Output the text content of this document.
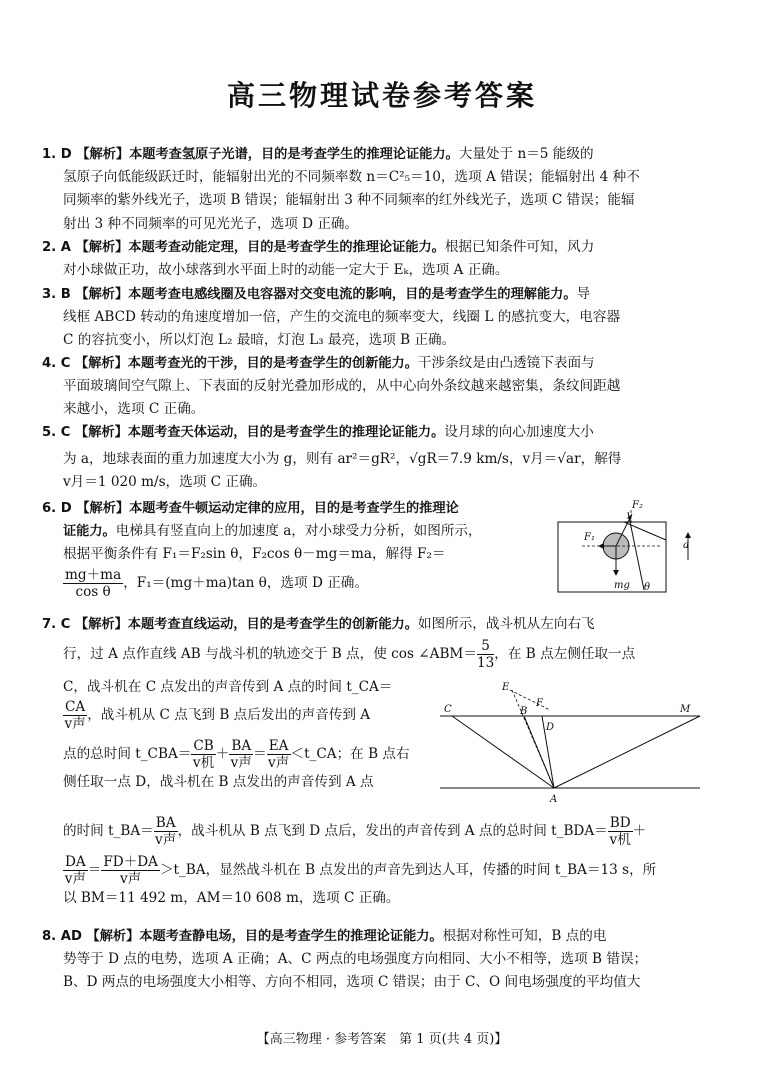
高三物理试卷参考答案
1. D 【解析】本题考查氢原子光谱，目的是考查学生的推理论证能力。大量处于 n＝5 能级的
氢原子向低能级跃迁时，能辐射出光的不同频率数 n＝C²₅＝10，选项 A 错误；能辐射出 4 种不
同频率的紫外线光子，选项 B 错误；能辐射出 3 种不同频率的红外线光子，选项 C 错误；能辐
射出 3 种不同频率的可见光光子，选项 D 正确。
2. A 【解析】本题考查动能定理，目的是考查学生的推理论证能力。根据已知条件可知，风力
对小球做正功，故小球落到水平面上时的动能一定大于 Eₖ，选项 A 正确。
3. B 【解析】本题考查电感线圈及电容器对交变电流的影响，目的是考查学生的理解能力。导
线框 ABCD 转动的角速度增加一倍，产生的交流电的频率变大，线圈 L 的感抗变大，电容器
C 的容抗变小，所以灯泡 L₂ 最暗，灯泡 L₃ 最亮，选项 B 正确。
4. C 【解析】本题考查光的干涉，目的是考查学生的创新能力。干涉条纹是由凸透镜下表面与
平面玻璃间空气隙上、下表面的反射光叠加形成的，从中心向外条纹越来越密集，条纹间距越
来越小，选项 C 正确。
5. C 【解析】本题考查天体运动，目的是考查学生的推理论证能力。设月球的向心加速度大小
为 a，地球表面的重力加速度大小为 g，则有 ar²＝gR²，√gR＝7.9 km/s，v月＝√ar，解得
v月＝1 020 m/s，选项 C 正确。
6. D 【解析】本题考查牛顿运动定律的应用，目的是考查学生的推理论
证能力。电梯具有竖直向上的加速度 a，对小球受力分析，如图所示，
根据平衡条件有 F₁＝F₂sin θ，F₂cos θ－mg＝ma，解得 F₂＝
$\frac{mg+ma}{\text{cos θ}}$ ，F₁＝(mg＋ma)tan θ，选项 D 正确。
F₂
F₁
mg θ
a
7. C 【解析】本题考查直线运动，目的是考查学生的创新能力。如图所示，战斗机从左向右飞
行，过 A 点作直线 AB 与战斗机的轨迹交于 B 点，使 cos ∠ABM＝ $\frac{5}{13}$ ，在 B 点左侧任取一点
C，战斗机在 C 点发出的声音传到 A 点的时间 t_CA＝
$\frac{CA}{\text{v声}}$ ，战斗机从 C 点飞到 B 点后发出的声音传到 A
点的总时间 t_CBA＝ $\frac{CB}{\text{v机}} + \frac{BA}{\text{v声}} = \frac{EA}{\text{v声}}$ ＜t_CA；在 B 点右
侧任取一点 D，战斗机在 B 点发出的声音传到 A 点
E
C	B
F
D
M
A
的时间 t_BA＝ $\frac{BA}{\text{v声}}$ ，战斗机从 B 点飞到 D 点后，发出的声音传到 A 点的总时间 t_BDA＝ $\frac{BD}{\text{v机}}$ ＋
$\frac{DA}{\text{v声}} = \frac{FD+DA}{\text{v声}}$ ＞t_BA，显然战斗机在 B 点发出的声音先到达人耳，传播的时间 t_BA＝13 s，所
以 BM＝11 492 m，AM＝10 608 m，选项 C 正确。
8. AD 【解析】本题考查静电场，目的是考查学生的推理论证能力。根据对称性可知，B 点的电
势等于 D 点的电势，选项 A 正确；A、C 两点的电场强度方向相同、大小不相等，选项 B 错误；
B、D 两点的电场强度大小相等、方向不相同，选项 C 错误；由于 C、O 间电场强度的平均值大
【高三物理 · 参考答案　第 1 页(共 4 页)】
